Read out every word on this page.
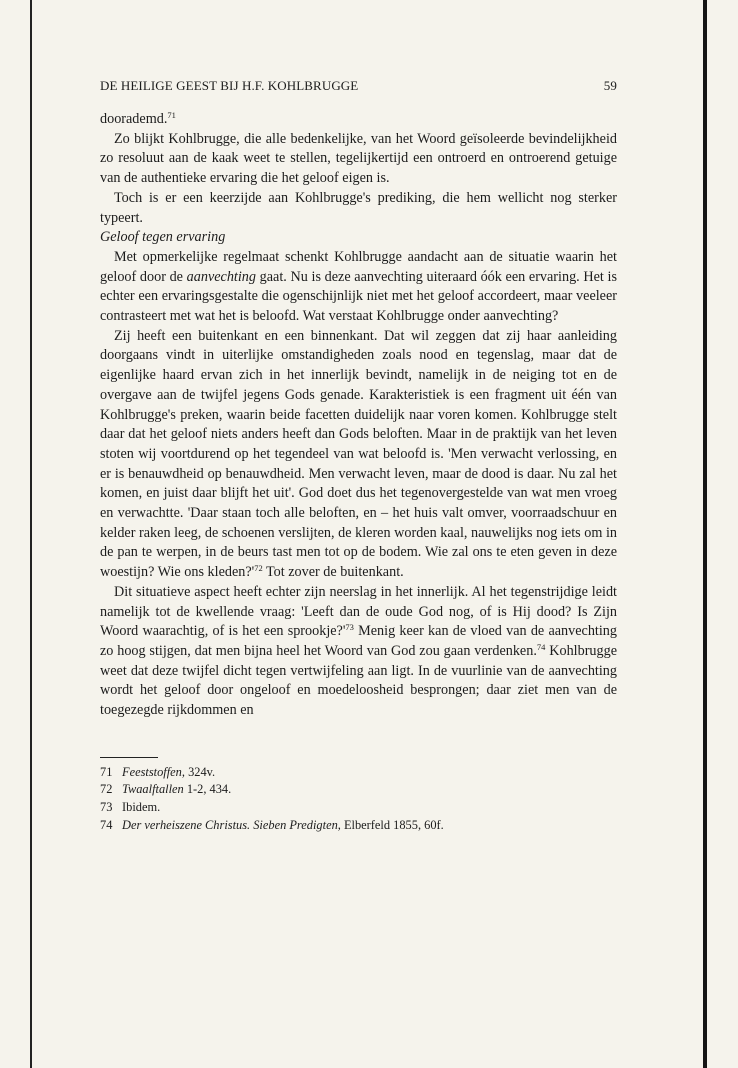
DE HEILIGE GEEST BIJ H.F. KOHLBRUGGE	59

doorademd.$^{71}$

Zo blijkt Kohlbrugge, die alle bedenkelijke, van het Woord geïsoleerde bevindelijkheid zo resoluut aan de kaak weet te stellen, tegelijkertijd een ontroerd en ontroerend getuige van de authentieke ervaring die het geloof eigen is.

Toch is er een keerzijde aan Kohlbrugge's prediking, die hem wellicht nog sterker typeert.

Geloof tegen ervaring

Met opmerkelijke regelmaat schenkt Kohlbrugge aandacht aan de situatie waarin het geloof door de aanvechting gaat. Nu is deze aanvechting uiteraard óók een ervaring. Het is echter een ervaringsgestalte die ogenschijnlijk niet met het geloof accordeert, maar veeleer contrasteert met wat het is beloofd. Wat verstaat Kohlbrugge onder aanvechting?

Zij heeft een buitenkant en een binnenkant. Dat wil zeggen dat zij haar aanleiding doorgaans vindt in uiterlijke omstandigheden zoals nood en tegenslag, maar dat de eigenlijke haard ervan zich in het innerlijk bevindt, namelijk in de neiging tot en de overgave aan de twijfel jegens Gods genade. Karakteristiek is een fragment uit één van Kohlbrugge's preken, waarin beide facetten duidelijk naar voren komen. Kohlbrugge stelt daar dat het geloof niets anders heeft dan Gods beloften. Maar in de praktijk van het leven stoten wij voortdurend op het tegendeel van wat beloofd is. 'Men verwacht verlossing, en er is benauwdheid op benauwdheid. Men verwacht leven, maar de dood is daar. Nu zal het komen, en juist daar blijft het uit'. God doet dus het tegenovergestelde van wat men vroeg en verwachtte. 'Daar staan toch alle beloften, en – het huis valt omver, voorraadschuur en kelder raken leeg, de schoenen verslijten, de kleren worden kaal, nauwelijks nog iets om in de pan te werpen, in de beurs tast men tot op de bodem. Wie zal ons te eten geven in deze woestijn? Wie ons $kleden?'^{72}$ Tot zover de buitenkant.

Dit situatieve aspect heeft echter zijn neerslag in het innerlijk. Al het tegenstrijdige leidt namelijk tot de kwellende vraag: 'Leeft dan de oude God nog, of is Hij dood? Is Zijn Woord waarachtig, of is het een $sprookje?'^{73}$ Menig keer kan de vloed van de aanvechting zo hoog stijgen, dat men bijna heel het Woord van God zou gaan verdenken.$^{74}$ Kohlbrugge weet dat deze twijfel dicht tegen vertwijfeling aan ligt. In de vuurlinie van de aanvechting wordt het geloof door ongeloof en moedeloosheid besprongen; daar ziet men van de toegezegde rijkdommen en

71 Feeststoffen, 324v.
72 Twaalftallen 1-2, 434.
73 Ibidem.
74 Der verheiszene Christus. Sieben Predigten, Elberfeld 1855, 60f.
